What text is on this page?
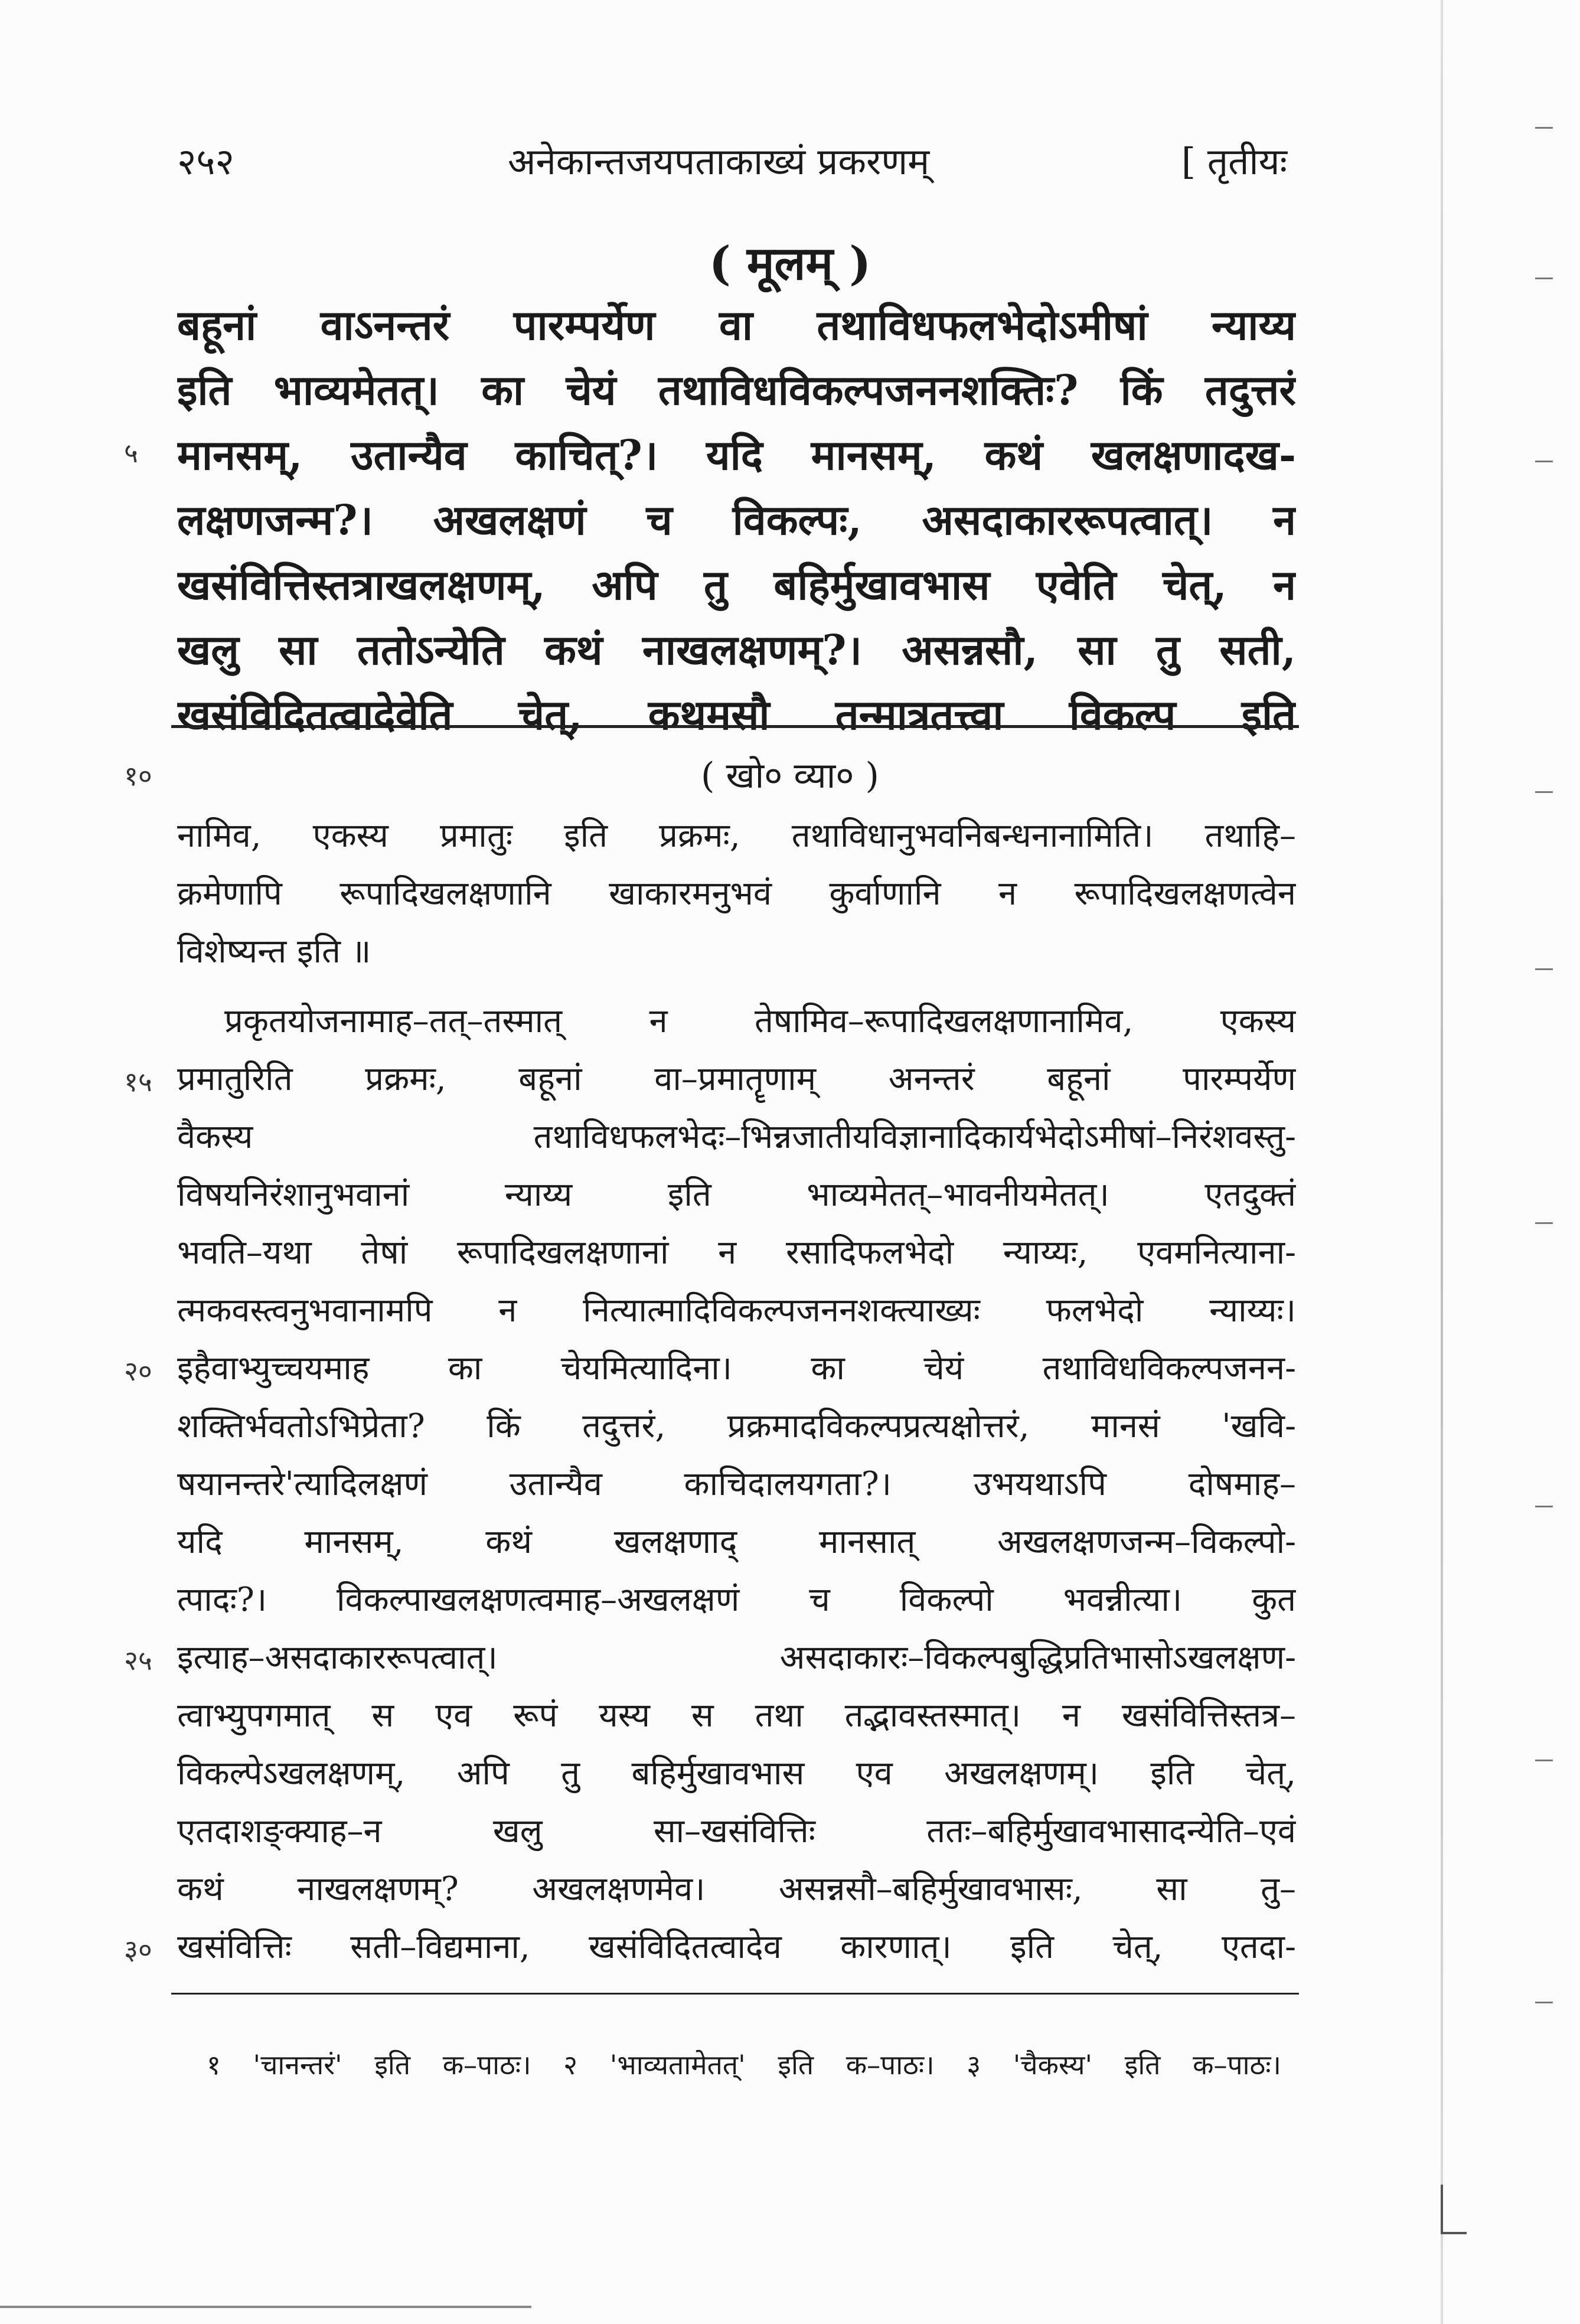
२५२	अनेकान्तजयपताकाख्यं प्रकरणम्	[ तृतीयः
( मूलम् )
बहूनां वाऽनन्तरं पारम्पर्येण वा तथाविधफलभेदोऽमीषां न्याय्य
इति भाव्यमेतत्। का चेयं तथाविधविकल्पजननशक्तिः? किं तदुत्तरं
मानसम्, उतान्यैव काचित्?। यदि मानसम्, कथं खलक्षणादख-
लक्षणजन्म?। अखलक्षणं च विकल्पः, असदाकाररूपत्वात्। न
खसंवित्तिस्तत्राखलक्षणम्, अपि तु बहिर्मुखावभास एवेति चेत्, न
खलु सा ततोऽन्येति कथं नाखलक्षणम्?। असन्नसौ, सा तु सती,
खसंविदितत्वादेवेति चेत्, कथमसौ तन्मात्रतत्त्वा विकल्प इति
( खो० व्या० )
नामिव, एकस्य प्रमातुः इति प्रक्रमः, तथाविधानुभवनिबन्धनानामिति। तथाहि–
क्रमेणापि रूपादिखलक्षणानि खाकारमनुभवं कुर्वाणानि न रूपादिखलक्षणत्वेन
विशेष्यन्त इति ॥
प्रकृतयोजनामाह–तत्–तस्मात् न तेषामिव–रूपादिखलक्षणानामिव, एकस्य
प्रमातुरिति प्रक्रमः, बहूनां वा–प्रमातॄणाम् अनन्तरं बहूनां पारम्पर्येण
वैकस्य तथाविधफलभेदः–भिन्नजातीयविज्ञानादिकार्यभेदोऽमीषां–निरंशवस्तु-
विषयनिरंशानुभवानां न्याय्य इति भाव्यमेतत्–भावनीयमेतत्। एतदुक्तं
भवति–यथा तेषां रूपादिखलक्षणानां न रसादिफलभेदो न्याय्यः, एवमनित्याना-
त्मकवस्त्वनुभवानामपि न नित्यात्मादिविकल्पजननशक्त्याख्यः फलभेदो न्याय्यः।
इहैवाभ्युच्चयमाह का चेयमित्यादिना। का चेयं तथाविधविकल्पजनन-
शक्तिर्भवतोऽभिप्रेता? किं तदुत्तरं, प्रक्रमादविकल्पप्रत्यक्षोत्तरं, मानसं 'खवि-
षयानन्तरे'त्यादिलक्षणं उतान्यैव काचिदालयगता?। उभयथाऽपि दोषमाह–
यदि मानसम्, कथं खलक्षणाद् मानसात् अखलक्षणजन्म–विकल्पो-
त्पादः?। विकल्पाखलक्षणत्वमाह–अखलक्षणं च विकल्पो भवन्नीत्या। कुत
इत्याह–असदाकाररूपत्वात्। असदाकारः–विकल्पबुद्धिप्रतिभासोऽखलक्षण-
त्वाभ्युपगमात् स एव रूपं यस्य स तथा तद्भावस्तस्मात्। न खसंवित्तिस्तत्र–
विकल्पेऽखलक्षणम्, अपि तु बहिर्मुखावभास एव अखलक्षणम्। इति चेत्,
एतदाशङ्क्याह–न खलु सा–खसंवित्तिः ततः–बहिर्मुखावभासादन्येति–एवं
कथं नाखलक्षणम्? अखलक्षणमेव। असन्नसौ–बहिर्मुखावभासः, सा तु–
खसंवित्तिः सती–विद्यमाना, खसंविदितत्वादेव कारणात्। इति चेत्, एतदा-
५
१०
१५
२०
२५
३०
१ 'चानन्तरं' इति क–पाठः। २ 'भाव्यतामेतत्' इति क–पाठः। ३ 'चैकस्य' इति क–पाठः।
